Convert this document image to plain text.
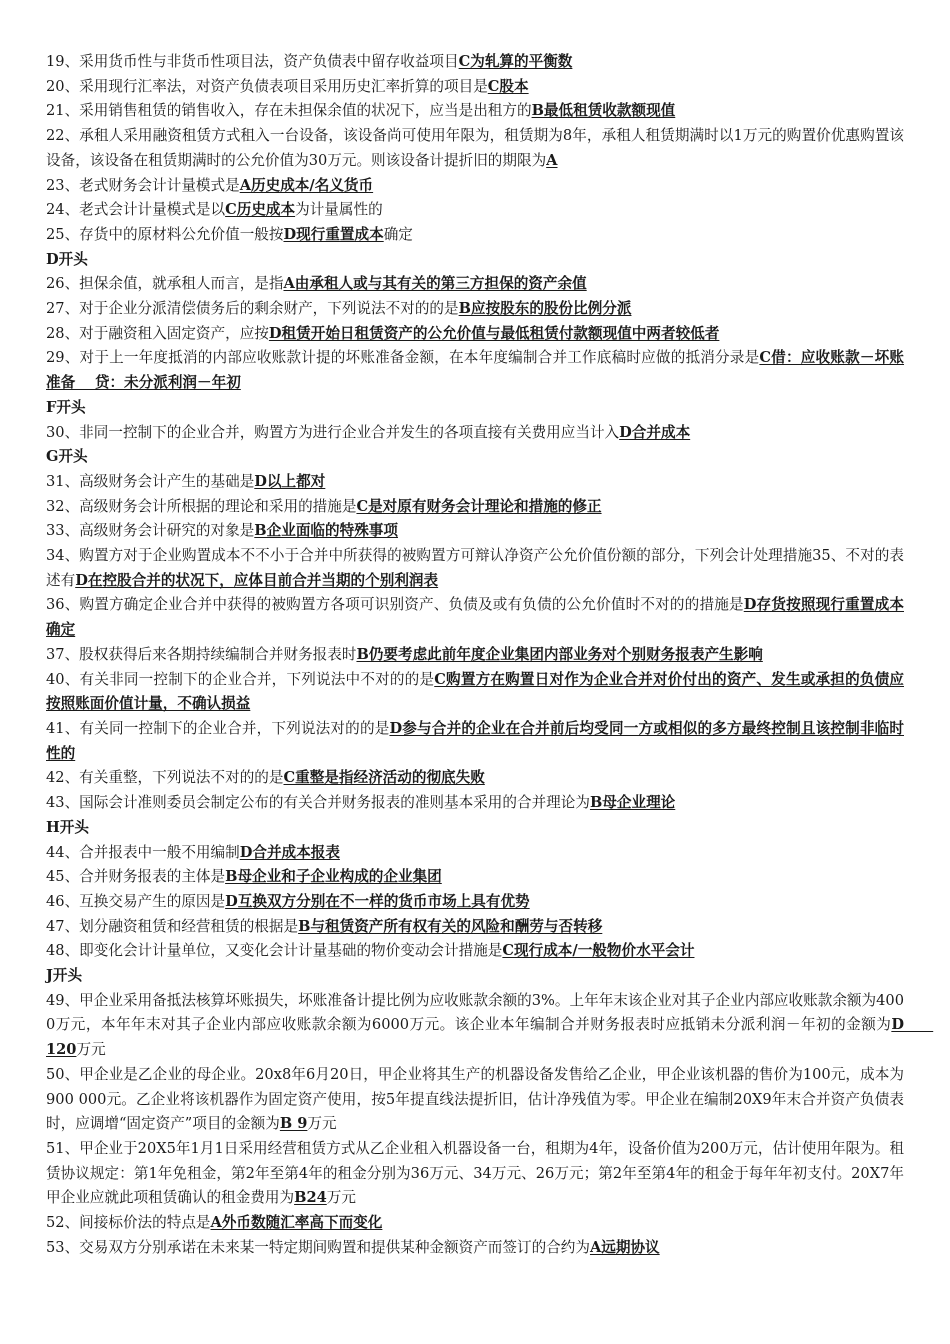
19、采用货币性与非货币性项目法，资产负债表中留存收益项目C为轧算的平衡数

20、采用现行汇率法，对资产负债表项目采用历史汇率折算的项目是C股本

21、采用销售租赁的销售收入，存在未担保余值的状况下，应当是出租方的B最低租赁收款额现值

22、承租人采用融资租赁方式租入一台设备，该设备尚可使用年限为，租赁期为8年，承租人租赁期满时以1万元的购置价优惠购置该设备，该设备在租赁期满时的公允价值为30万元。则该设备计提折旧的期限为A

23、老式财务会计计量模式是A历史成本/名义货币

24、老式会计计量模式是以C历史成本为计量属性的

25、存货中的原材料公允价值一般按D现行重置成本确定

D开头

26、担保余值，就承租人而言，是指A由承租人或与其有关的第三方担保的资产余值

27、对于企业分派清偿债务后的剩余财产，下列说法不对的的是B应按股东的股份比例分派

28、对于融资租入固定资产，应按D租赁开始日租赁资产的公允价值与最低租赁付款额现值中两者较低者

29、对于上一年度抵消的内部应收账款计提的坏账准备金额，在本年度编制合并工作底稿时应做的抵消分录是C借：应收账款－坏账准备　 贷：未分派利润－年初

F开头

30、非同一控制下的企业合并，购置方为进行企业合并发生的各项直接有关费用应当计入D合并成本

G开头

31、高级财务会计产生的基础是D以上都对

32、高级财务会计所根据的理论和采用的措施是C是对原有财务会计理论和措施的修正

33、高级财务会计研究的对象是B企业面临的特殊事项

34、购置方对于企业购置成本不不小于合并中所获得的被购置方可辩认净资产公允价值份额的部分，下列会计处理措施35、不对的表述有D在控股合并的状况下，应体目前合并当期的个别利润表

36、购置方确定企业合并中获得的被购置方各项可识别资产、负债及或有负债的公允价值时不对的的措施是D存货按照现行重置成本确定

37、股权获得后来各期持续编制合并财务报表时B仍要考虑此前年度企业集团内部业务对个别财务报表产生影响

40、有关非同一控制下的企业合并，下列说法中不对的的是C购置方在购置日对作为企业合并对价付出的资产、发生或承担的负债应按照账面价值计量，不确认损益

41、有关同一控制下的企业合并，下列说法对的的是D参与合并的企业在合并前后均受同一方或相似的多方最终控制且该控制非临时性的

42、有关重整，下列说法不对的的是C重整是指经济活动的彻底失败

43、国际会计准则委员会制定公布的有关合并财务报表的准则基本采用的合并理论为B母企业理论

H开头

44、合并报表中一般不用编制D合并成本报表

45、合并财务报表的主体是B母企业和子企业构成的企业集团

46、互换交易产生的原因是D互换双方分别在不一样的货币市场上具有优势

47、划分融资租赁和经营租赁的根据是B与租赁资产所有权有关的风险和酬劳与否转移

48、即变化会计计量单位，又变化会计计量基础的物价变动会计措施是C现行成本/一般物价水平会计

J开头

49、甲企业采用备抵法核算坏账损失，坏账准备计提比例为应收账款余额的3%。上年年末该企业对其子企业内部应收账款余额为4000万元，本年年末对其子企业内部应收账款余额为6000万元。该企业本年编制合并财务报表时应抵销未分派利润－年初的金额为D　　120万元

50、甲企业是乙企业的母企业。20x8年6月20日，甲企业将其生产的机器设备发售给乙企业，甲企业该机器的售价为100元，成本为900 000元。乙企业将该机器作为固定资产使用，按5年提直线法提折旧，估计净残值为零。甲企业在编制20X9年末合并资产负债表时，应调增“固定资产”项目的金额为B 9万元

51、甲企业于20X5年1月1日采用经营租赁方式从乙企业租入机器设备一台，租期为4年，设备价值为200万元，估计使用年限为。租赁协议规定：第1年免租金，第2年至第4年的租金分别为36万元、34万元、26万元；第2年至第4年的租金于每年年初支付。20X7年甲企业应就此项租赁确认的租金费用为B24万元

52、间接标价法的特点是A外币数随汇率高下而变化

53、交易双方分别承诺在未来某一特定期间购置和提供某种金额资产而签订的合约为A远期协议
